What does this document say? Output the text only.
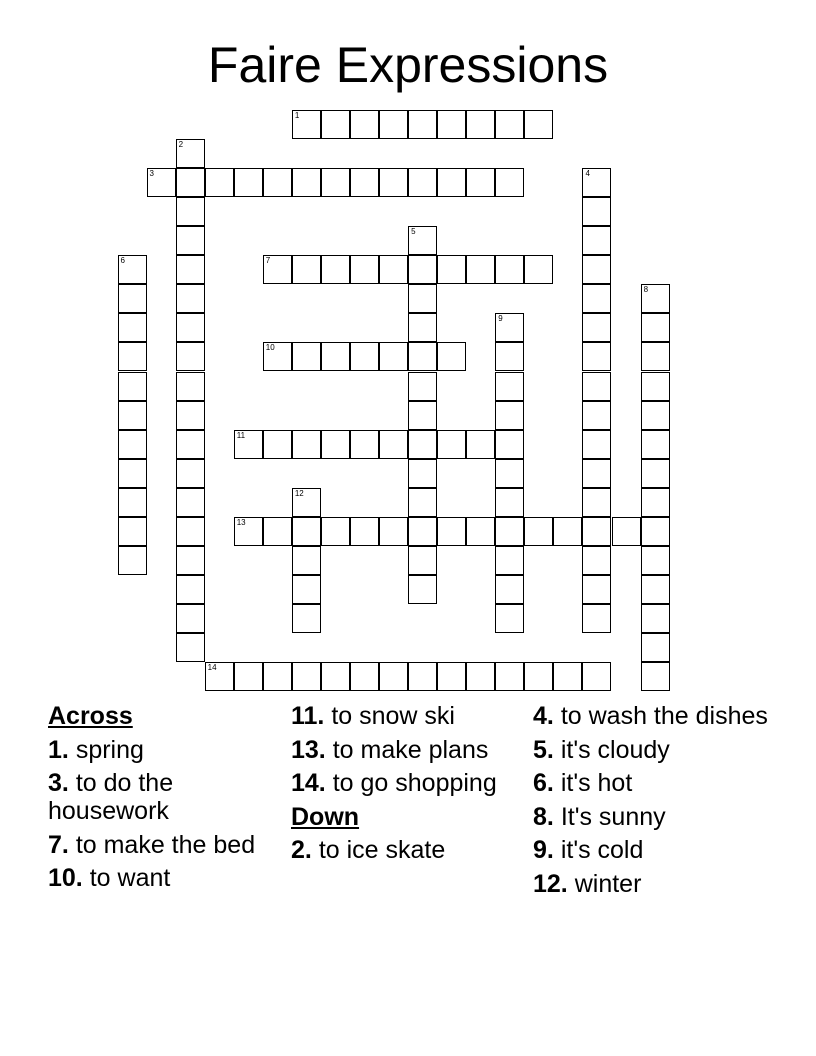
Faire Expressions
1
2
3	4
5
6	7
8
9
10
11
12
13
14
Across
1. spring
3. to do the housework
7. to make the bed
10. to want
11. to snow ski
13. to make plans
14. to go shopping
Down
2. to ice skate
4. to wash the dishes
5. it's cloudy
6. it's hot
8. It's sunny
9. it's cold
12. winter
